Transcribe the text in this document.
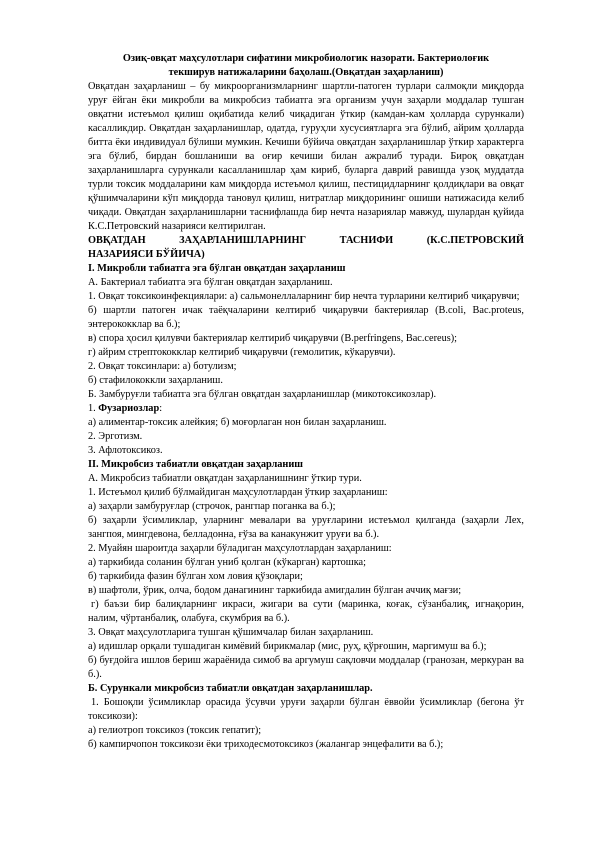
Озиқ-овқат маҳсулотлари сифатини микробиологик назорати. Бактериолоғик
текширув натижаларини баҳолаш.(Овқатдан заҳарланиш)

Овқатдан заҳарланиш – бу микроорганизмларнинг шартли-патоген турлари салмоқли миқдорда уруғ ёйган ёки микробли ва микробсиз табиатга эга организм учун заҳарли моддалар тушган овқатни истеъмол қилиш оқибатида келиб чиқадиган ўткир (камдан-кам ҳолларда сурункали) касалликдир. Овқатдан заҳарланишлар, одатда, гуруҳли хусусиятларга эга бўлиб, айрим ҳолларда битта ёки индивидуал бўлиши мумкин. Кечиши бўйича овқатдан заҳарланишлар ўткир характерга эга бўлиб, бирдан бошланиши ва оғир кечиши билан ажралиб туради. Бироқ овқатдан заҳарланишларга сурункали касалланишлар ҳам кириб, буларга даврий равишда узоқ муддатда турли токсик моддаларини кам миқдорда истеъмол қилиш, пестицидларнинг қолдиқлари ва овқат қўшимчаларини кўп миқдорда тановул қилиш, нитратлар миқдорининг ошиши натижасида келиб чиқади. Овқатдан заҳарланишларни таснифлашда бир нечта назариялар мавжуд, шулардан қуйида К.С.Петровский назарияси келтирилган.

ОВҚАТДАН	ЗАҲАРЛАНИШЛАРНИНГ	ТАСНИФИ	(К.С.ПЕТРОВСКИЙ
НАЗАРИЯСИ БЎЙИЧА)
I. Микробли табиатга эга бўлган овқатдан заҳарланиш
А. Бактериал табиатга эга бўлган овқатдан заҳарланиш.

1. Овқат токсикоинфекциялари: а) сальмонеллаларнинг бир нечта турларини келтириб чиқарувчи;

б) шартли патоген ичак таёқчаларини келтириб чиқарувчи бактериялар (B.coli, Bac.proteus, энтерококклар ва б.);

в) спора ҳосил қилувчи бактериялар келтириб чиқарувчи (B.perfringens, Bac.cereus);
г) айрим стрептококклар келтириб чиқарувчи (гемолитик, кўкарувчи).
2. Овқат токсинлари: а) ботулизм;
б) стафилококкли заҳарланиш.
Б. Замбуруғли табиатга эга бўлган овқатдан заҳарланишлар (микотоксикозлар).
1. Фузариозлар:
а) алиментар-токсик алейкия; б) моғорлаган нон билан заҳарланиш.
2. Эрготизм.
3. Афлотоксикоз.
II. Микробсиз табиатли овқатдан заҳарланиш
А. Микробсиз табиатли овқатдан заҳарланишнинг ўткир тури.
1. Истеъмол қилиб бўлмайдиган маҳсулотлардан ўткир заҳарланиш:
а) заҳарли замбуруғлар (строчок, рангпар поганка ва б.);

б) заҳарли ўсимликлар, уларнинг мевалари ва уруғларини истеъмол қилганда (заҳарли Лех, зангпоя, мингдевона, белладонна, ғўза ва канакунжит уруғи ва б.).

2. Муайян шароитда заҳарли бўладиган маҳсулотлардан заҳарланиш:
а) таркибида соланин бўлган униб қолган (кўкарган) картошка;
б) таркибида фазин бўлган хом ловия қўзоқлари;
в) шафтоли, ўрик, олча, бодом данагининг таркибида амигдалин бўлган аччиқ мағзи;

г) баъзи бир балиқларнинг икраси, жигари ва сути (маринка, коғак, сўзанбалиқ, игнақорин, налим, чўртанбалиқ, олабуға, скумбрия ва б.).

3. Овқат маҳсулотларига тушган қўшимчалар билан заҳарланиш.
а) идишлар орқали тушадиган кимёвий бирикмалар (мис, руҳ, қўрғошин, маргимуш ва б.);

б) буғдойга ишлов бериш жараёнида симоб ва аргумуш сақловчи моддалар (гранозан, меркуран ва б.).

Б. Сурункали микробсиз табиатли овқатдан заҳарланишлар.

1. Бошоқли ўсимликлар орасида ўсувчи уруғи заҳарли бўлган ёввойи ўсимликлар (бегона ўт токсикози):

а) гелиотроп токсикоз (токсик гепатит);
б) кампирчопон токсикози ёки триходесмотоксикоз (жалангар энцефалити ва б.);
